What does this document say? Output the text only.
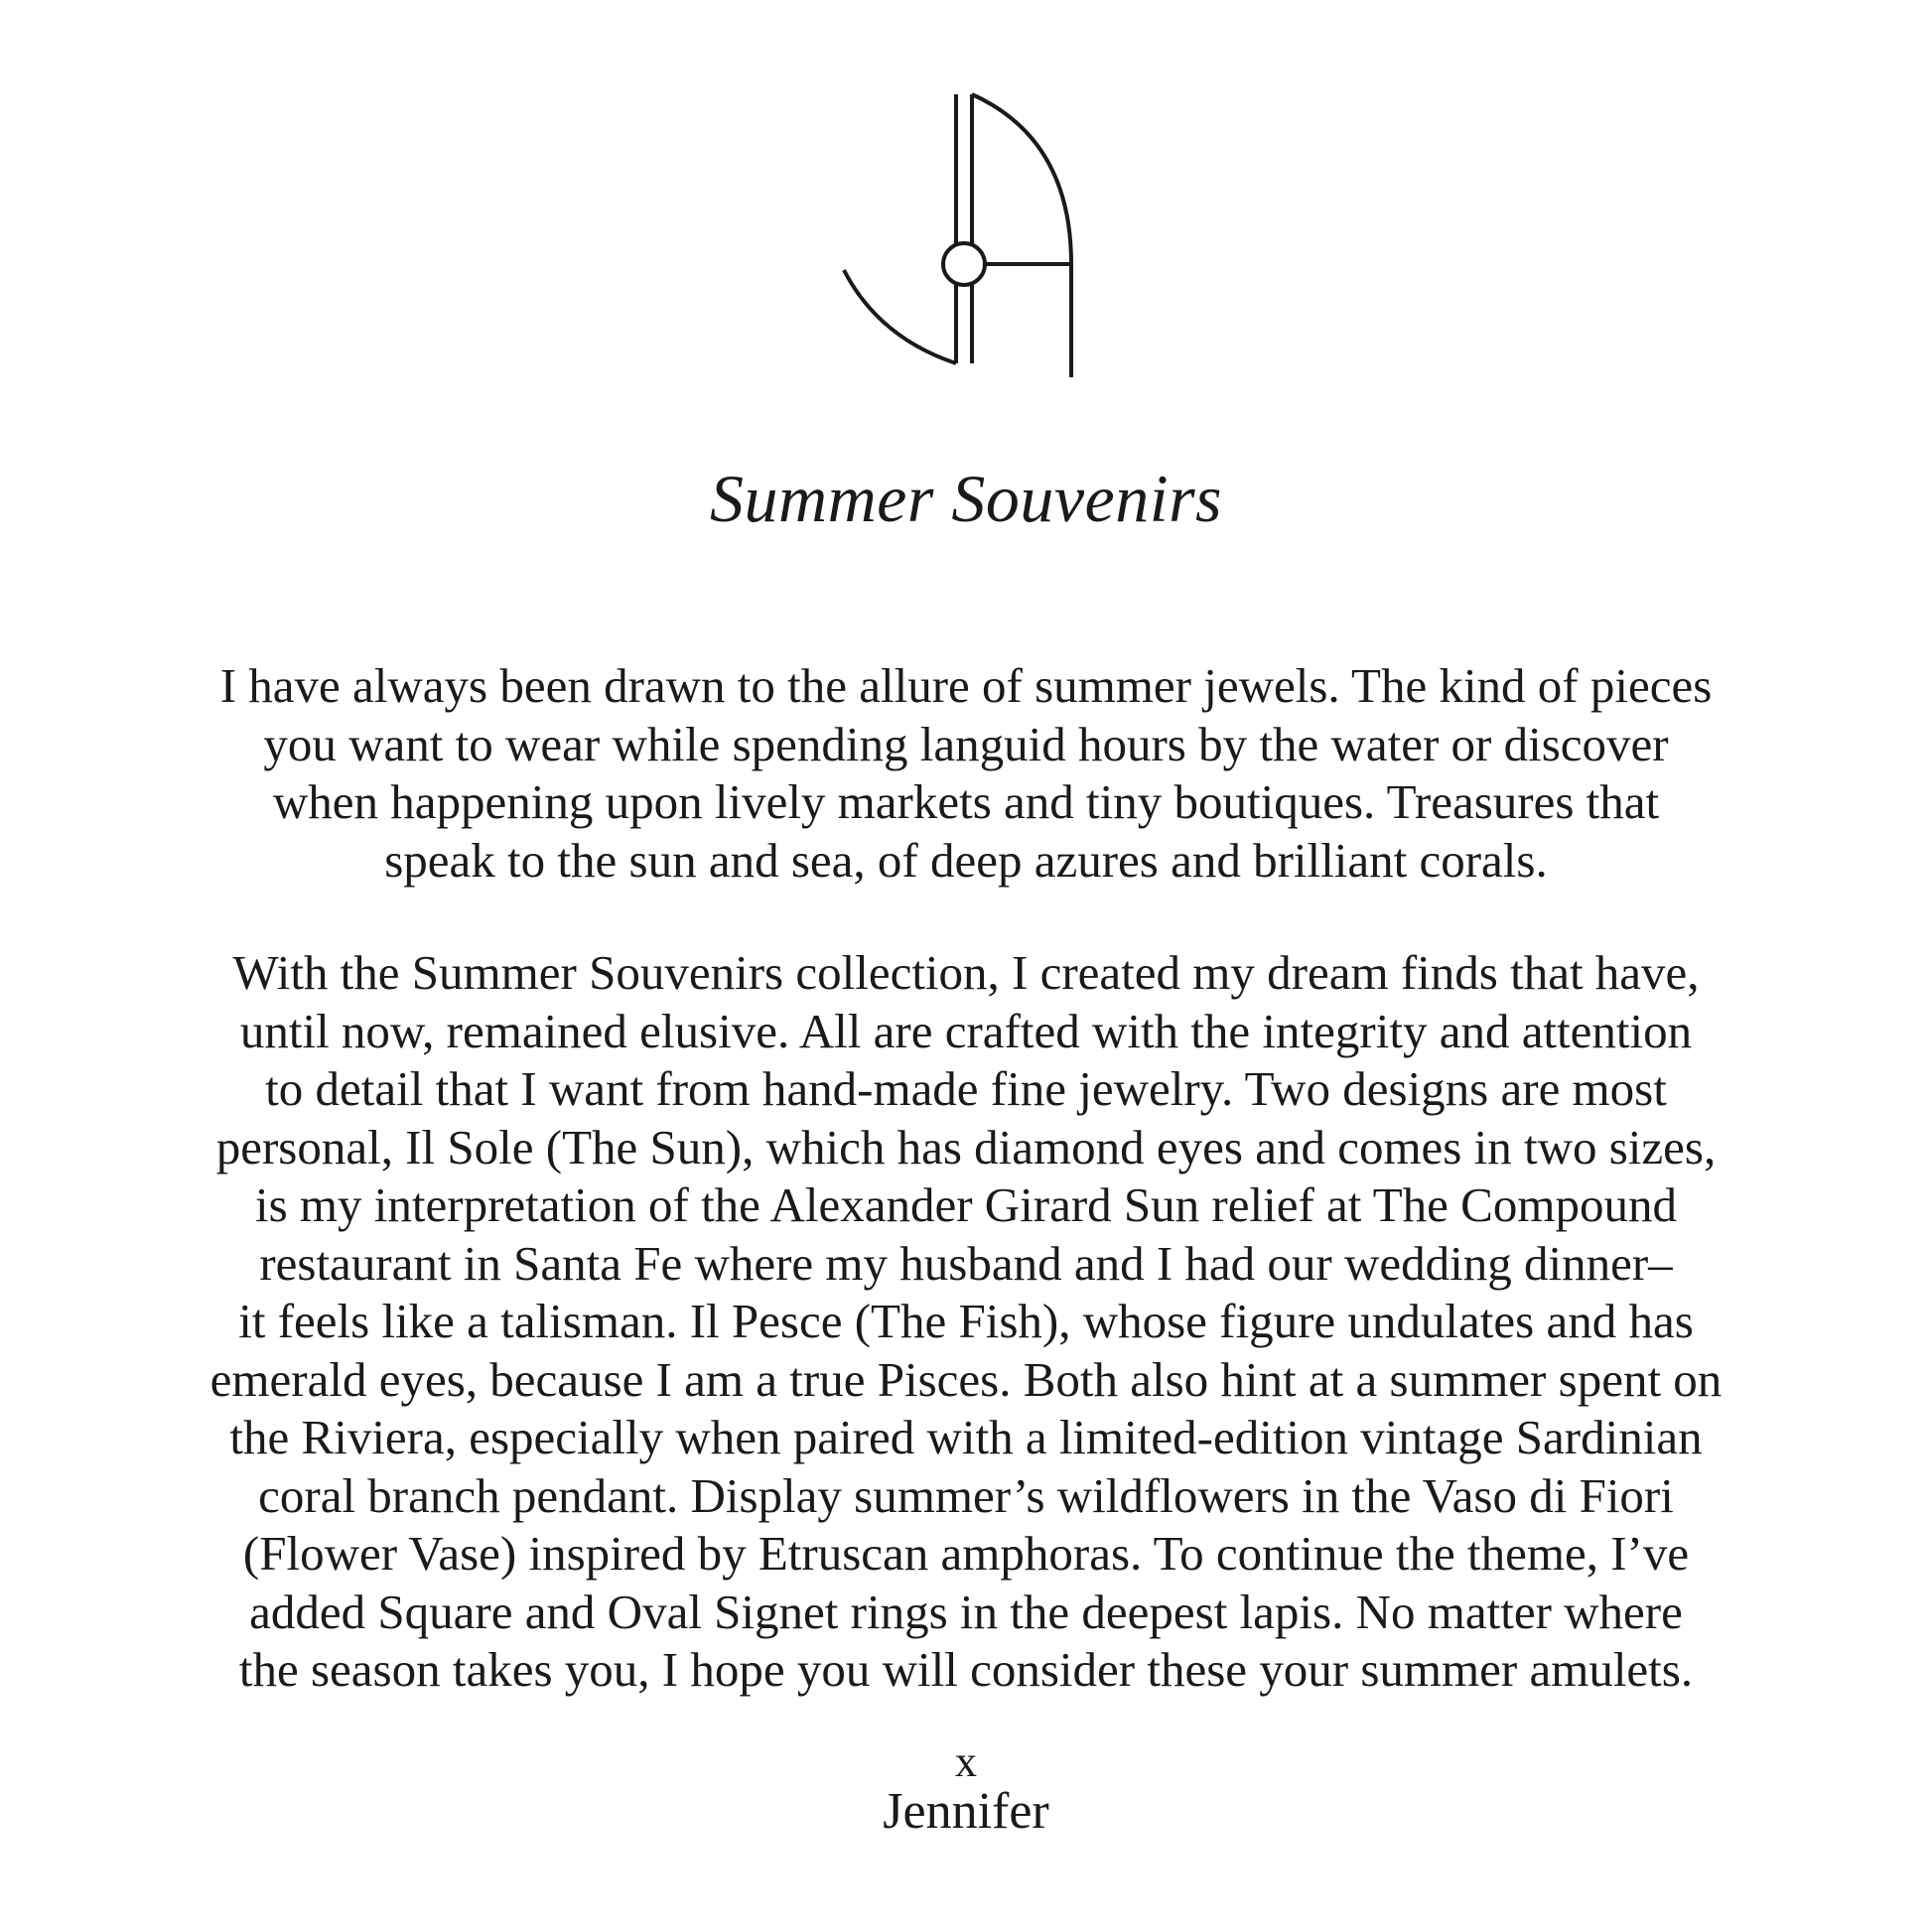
Summer Souvenirs

I have always been drawn to the allure of summer jewels. The kind of pieces
you want to wear while spending languid hours by the water or discover
when happening upon lively markets and tiny boutiques. Treasures that
speak to the sun and sea, of deep azures and brilliant corals.

With the Summer Souvenirs collection, I created my dream finds that have,
until now, remained elusive. All are crafted with the integrity and attention
to detail that I want from hand-made fine jewelry. Two designs are most
personal, Il Sole (The Sun), which has diamond eyes and comes in two sizes,
is my interpretation of the Alexander Girard Sun relief at The Compound
restaurant in Santa Fe where my husband and I had our wedding dinner–
it feels like a talisman. Il Pesce (The Fish), whose figure undulates and has
emerald eyes, because I am a true Pisces. Both also hint at a summer spent on
the Riviera, especially when paired with a limited-edition vintage Sardinian
coral branch pendant. Display summer’s wildflowers in the Vaso di Fiori
(Flower Vase) inspired by Etruscan amphoras. To continue the theme, I’ve
added Square and Oval Signet rings in the deepest lapis. No matter where
the season takes you, I hope you will consider these your summer amulets.

x

Jennifer
